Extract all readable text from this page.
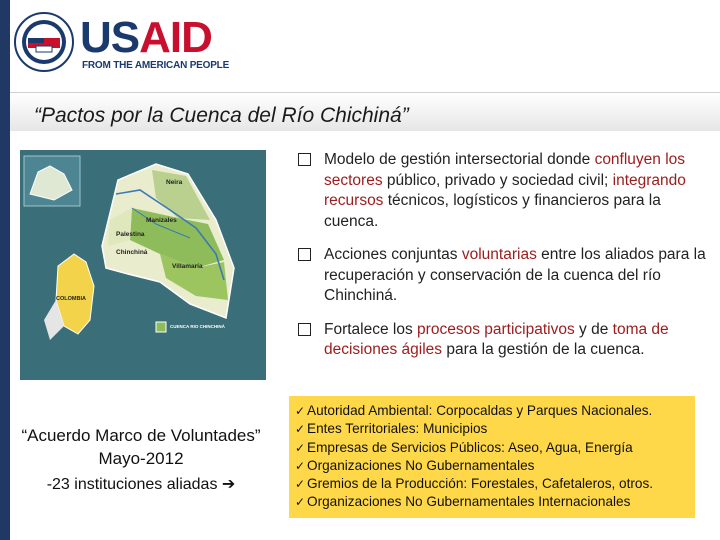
USAID
FROM THE AMERICAN PEOPLE
“Pactos por la Cuenca del Río Chichiná”
Neira
Manizales
Palestina
Chinchiná
Villamaría
COLOMBIA
CUENCA RIO CHINCHINÁ
Modelo de gestión intersectorial donde confluyen los sectores público, privado y sociedad civil; integrando recursos técnicos, logísticos y financieros para la cuenca.
Acciones conjuntas voluntarias entre los aliados para la recuperación y conservación de la cuenca del río Chinchiná.
Fortalece los procesos participativos y de toma de decisiones ágiles para la gestión de la cuenca.
“Acuerdo Marco de Voluntades”
Mayo-2012
-23 instituciones aliadas ➔
✓ Autoridad Ambiental: Corpocaldas y Parques Nacionales.
✓ Entes Territoriales: Municipios
✓ Empresas de Servicios Públicos: Aseo, Agua, Energía
✓ Organizaciones No Gubernamentales
✓ Gremios de la Producción: Forestales, Cafetaleros, otros.
✓ Organizaciones No Gubernamentales Internacionales
